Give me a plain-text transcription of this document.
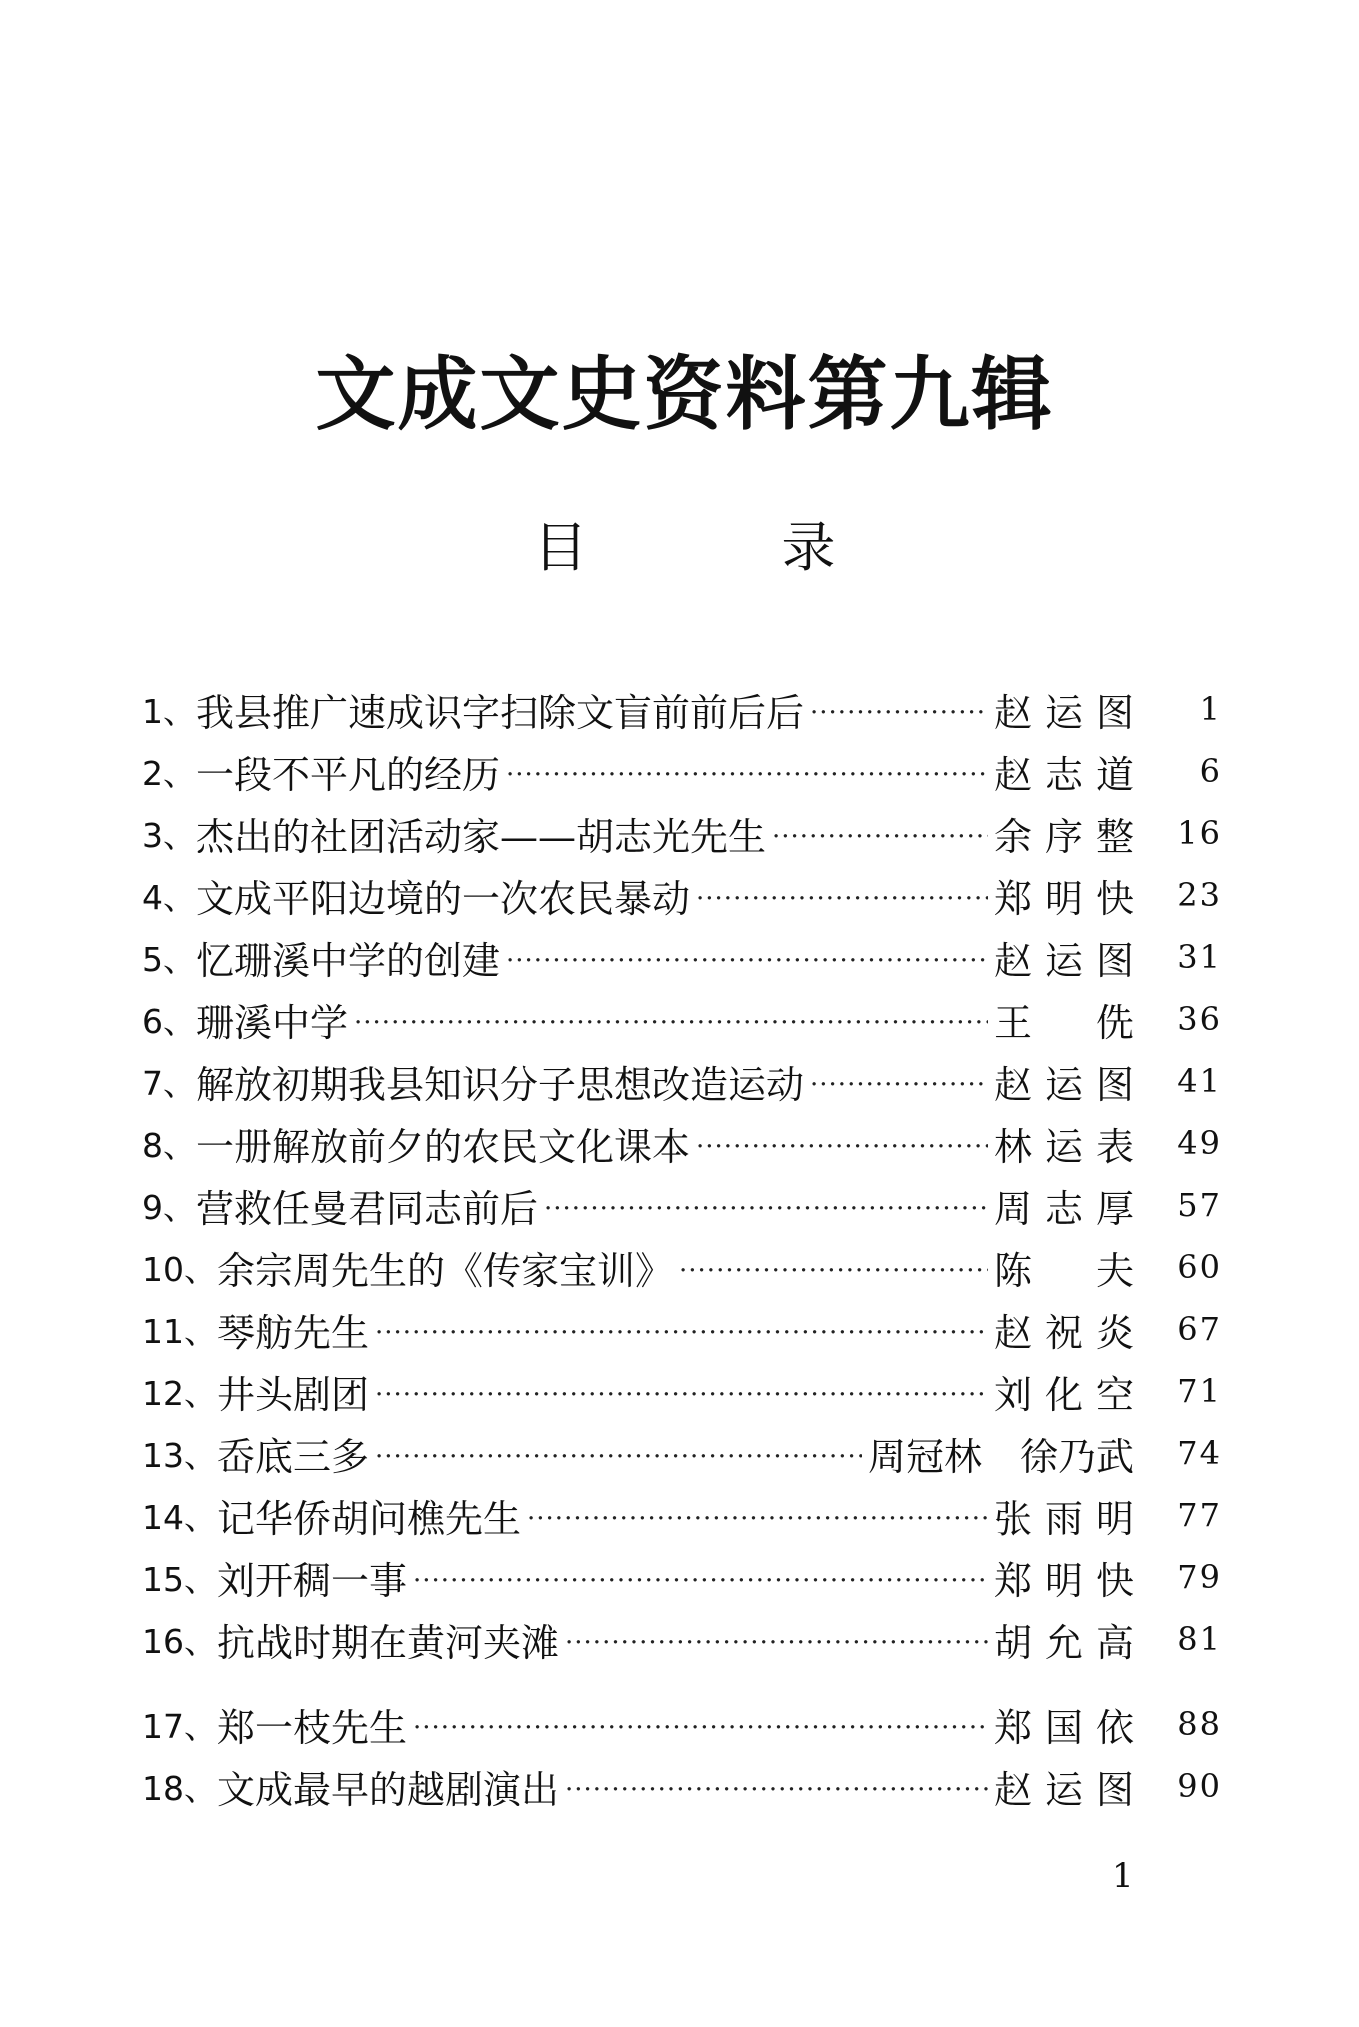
文成文史资料第九辑
目　录
1、 我县推广速成识字扫除文盲前前后后 ·····	赵运图	1
2、 一段不平凡的经历 ·····	赵志道	6
3、 杰出的社团活动家——胡志光先生 ·····	余序整	16
4、 文成平阳边境的一次农民暴动 ·····	郑明快	23
5、 忆珊溪中学的创建 ·····	赵运图	31
6、 珊溪中学 ·····	王　侁	36
7、 解放初期我县知识分子思想改造运动 ·····	赵运图	41
8、 一册解放前夕的农民文化课本 ·····	林运表	49
9、 营救任曼君同志前后 ·····	周志厚	57
10、 余宗周先生的《传家宝训》 ·····	陈　夫	60
11、 琴舫先生 ·····	赵祝炎	67
12、 井头剧团 ·····	刘化空	71
13、 岙底三多 ·····	周冠林　徐乃武	74
14、 记华侨胡问樵先生 ·····	张雨明	77
15、 刘开稠一事 ·····	郑明快	79
16、 抗战时期在黄河夹滩 ·····	胡允高	81
17、 郑一枝先生 ·····	郑国依	88
18、 文成最早的越剧演出 ·····	赵运图	90
1
